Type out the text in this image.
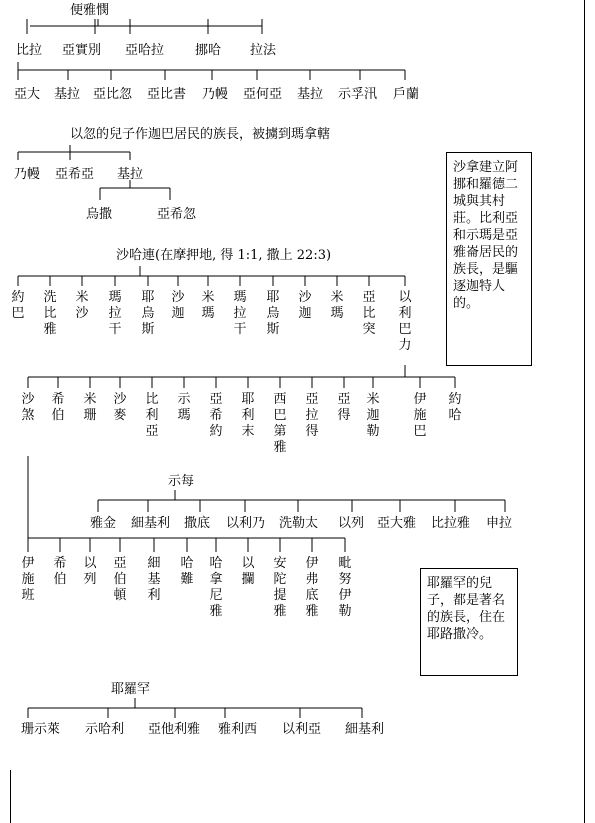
便雅憫
比拉 亞實別 亞哈拉 挪哈 拉法
亞大 基拉 亞比忽 亞比書 乃幔 亞何亞 基拉 示孚汛 戶蘭
以忽的兒子作迦巴居民的族長，被擄到瑪拿轄
乃幔 亞希亞 基拉
烏撒	亞希忽
沙拿建立阿挪和羅德二城與其村莊。比利亞和示瑪是亞雅崙居民的族長，是驅逐迦特人的。
沙哈連(在摩押地, 得 1:1, 撒上 22:3)
約巴
洗比雅
米沙
瑪拉干
耶烏斯
沙迦
米瑪
瑪拉干
耶烏斯
沙迦
米瑪
亞比突
以利巴力
沙煞
希伯
米珊
沙麥
比利亞
示瑪
亞希約
耶利末
西巴第雅
亞拉得
亞得
米迦勒
伊施巴
約哈
示每
雅金 細基利 撒底 以利乃 洗勒太 以列 亞大雅 比拉雅 申拉
伊施班
希伯
以列
亞伯頓
細基利
哈難
哈拿尼雅
以攔
安陀提雅
伊弗底雅
毗努伊勒
耶羅罕的兒子，都是著名的族長，住在耶路撒冷。
耶羅罕
珊示萊 示哈利 亞他利雅 雅利西 以利亞 細基利
